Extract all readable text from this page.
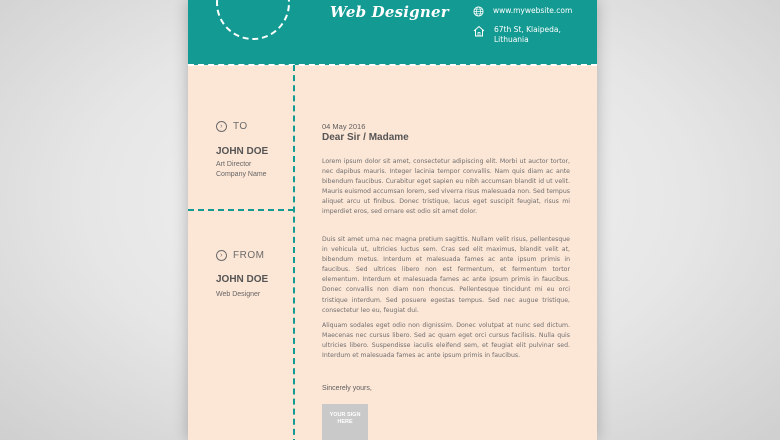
Web Designer	www.mywebsite.com
67th St, Klaipeda,
Lithuania
›	TO
JOHN DOE
Art Director
Company Name
›	FROM
JOHN DOE
Web Designer
04 May 2016
Dear Sir / Madame

Lorem ipsum dolor sit amet, consectetur adipiscing elit. Morbi ut auctor tortor, nec dapibus mauris. Integer lacinia tempor convallis. Nam quis diam ac ante bibendum faucibus. Curabitur eget sapien eu nibh accumsan blandit id ut velit. Mauris euismod accumsan lorem, sed viverra risus malesuada non. Sed tempus aliquet arcu ut finibus. Donec tristique, lacus eget suscipit feugiat, risus mi imperdiet eros, sed ornare est odio sit amet dolor.

Duis sit amet urna nec magna pretium sagittis. Nullam velit risus, pellentesque in vehicula ut, ultricies luctus sem. Cras sed elit maximus, blandit velit at, bibendum metus. Interdum et malesuada fames ac ante ipsum primis in faucibus. Sed ultrices libero non est fermentum, et fermentum tortor elementum. Interdum et malesuada fames ac ante ipsum primis in faucibus. Donec convallis non diam non rhoncus. Pellentesque tincidunt mi eu orci tristique interdum. Sed posuere egestas tempus. Sed nec augue tristique, consectetur leo eu, feugiat dui.

Aliquam sodales eget odio non dignissim. Donec volutpat at nunc sed dictum. Maecenas nec cursus libero. Sed ac quam eget orci cursus facilisis. Nulla quis ultricies libero. Suspendisse iaculis eleifend sem, et feugiat elit pulvinar sed. Interdum et malesuada fames ac ante ipsum primis in faucibus.

Sincerely yours,
YOUR SIGN HERE
